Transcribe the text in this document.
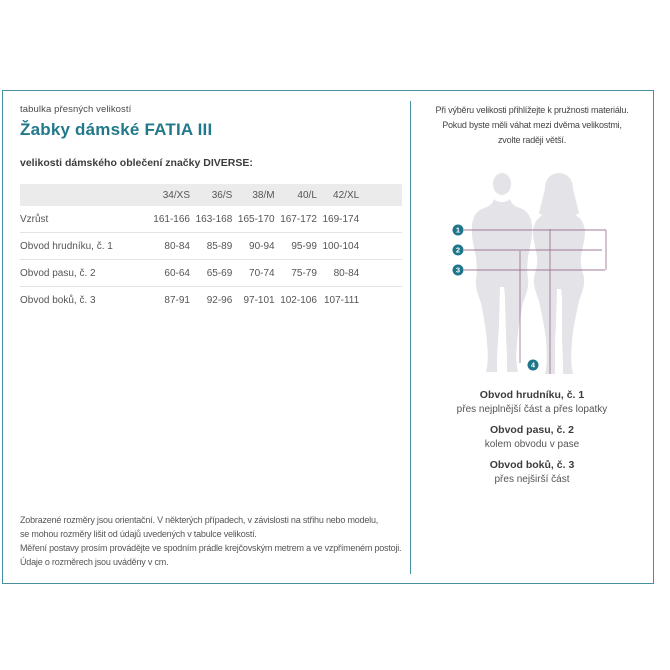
tabulka přesných velikostí
Žabky dámské FATIA III
velikosti dámského oblečení značky DIVERSE:
	34/XS	36/S	38/M	40/L	42/XL	
Vzrůst	161-166	163-168	165-170	167-172	169-174	
Obvod hrudníku, č. 1	80-84	85-89	90-94	95-99	100-104	
Obvod pasu, č. 2	60-64	65-69	70-74	75-79	80-84	
Obvod boků, č. 3	87-91	92-96	97-101	102-106	107-111	
Zobrazené rozměry jsou orientační. V některých případech, v závislosti na střihu nebo modelu,
se mohou rozměry lišit od údajů uvedených v tabulce velikostí.
Měření postavy prosím provádějte ve spodním prádle krejčovským metrem a ve vzpřímeném postoji.
Údaje o rozměrech jsou uváděny v cm.
Při výběru velikosti přihlížejte k pružnosti materiálu.
Pokud byste měli váhat mezi dvěma velikostmi,
zvolte raději větší.
1
2
3
4
Obvod hrudníku, č. 1
přes nejplnější část a přes lopatky
Obvod pasu, č. 2
kolem obvodu v pase
Obvod boků, č. 3
přes nejširší část
